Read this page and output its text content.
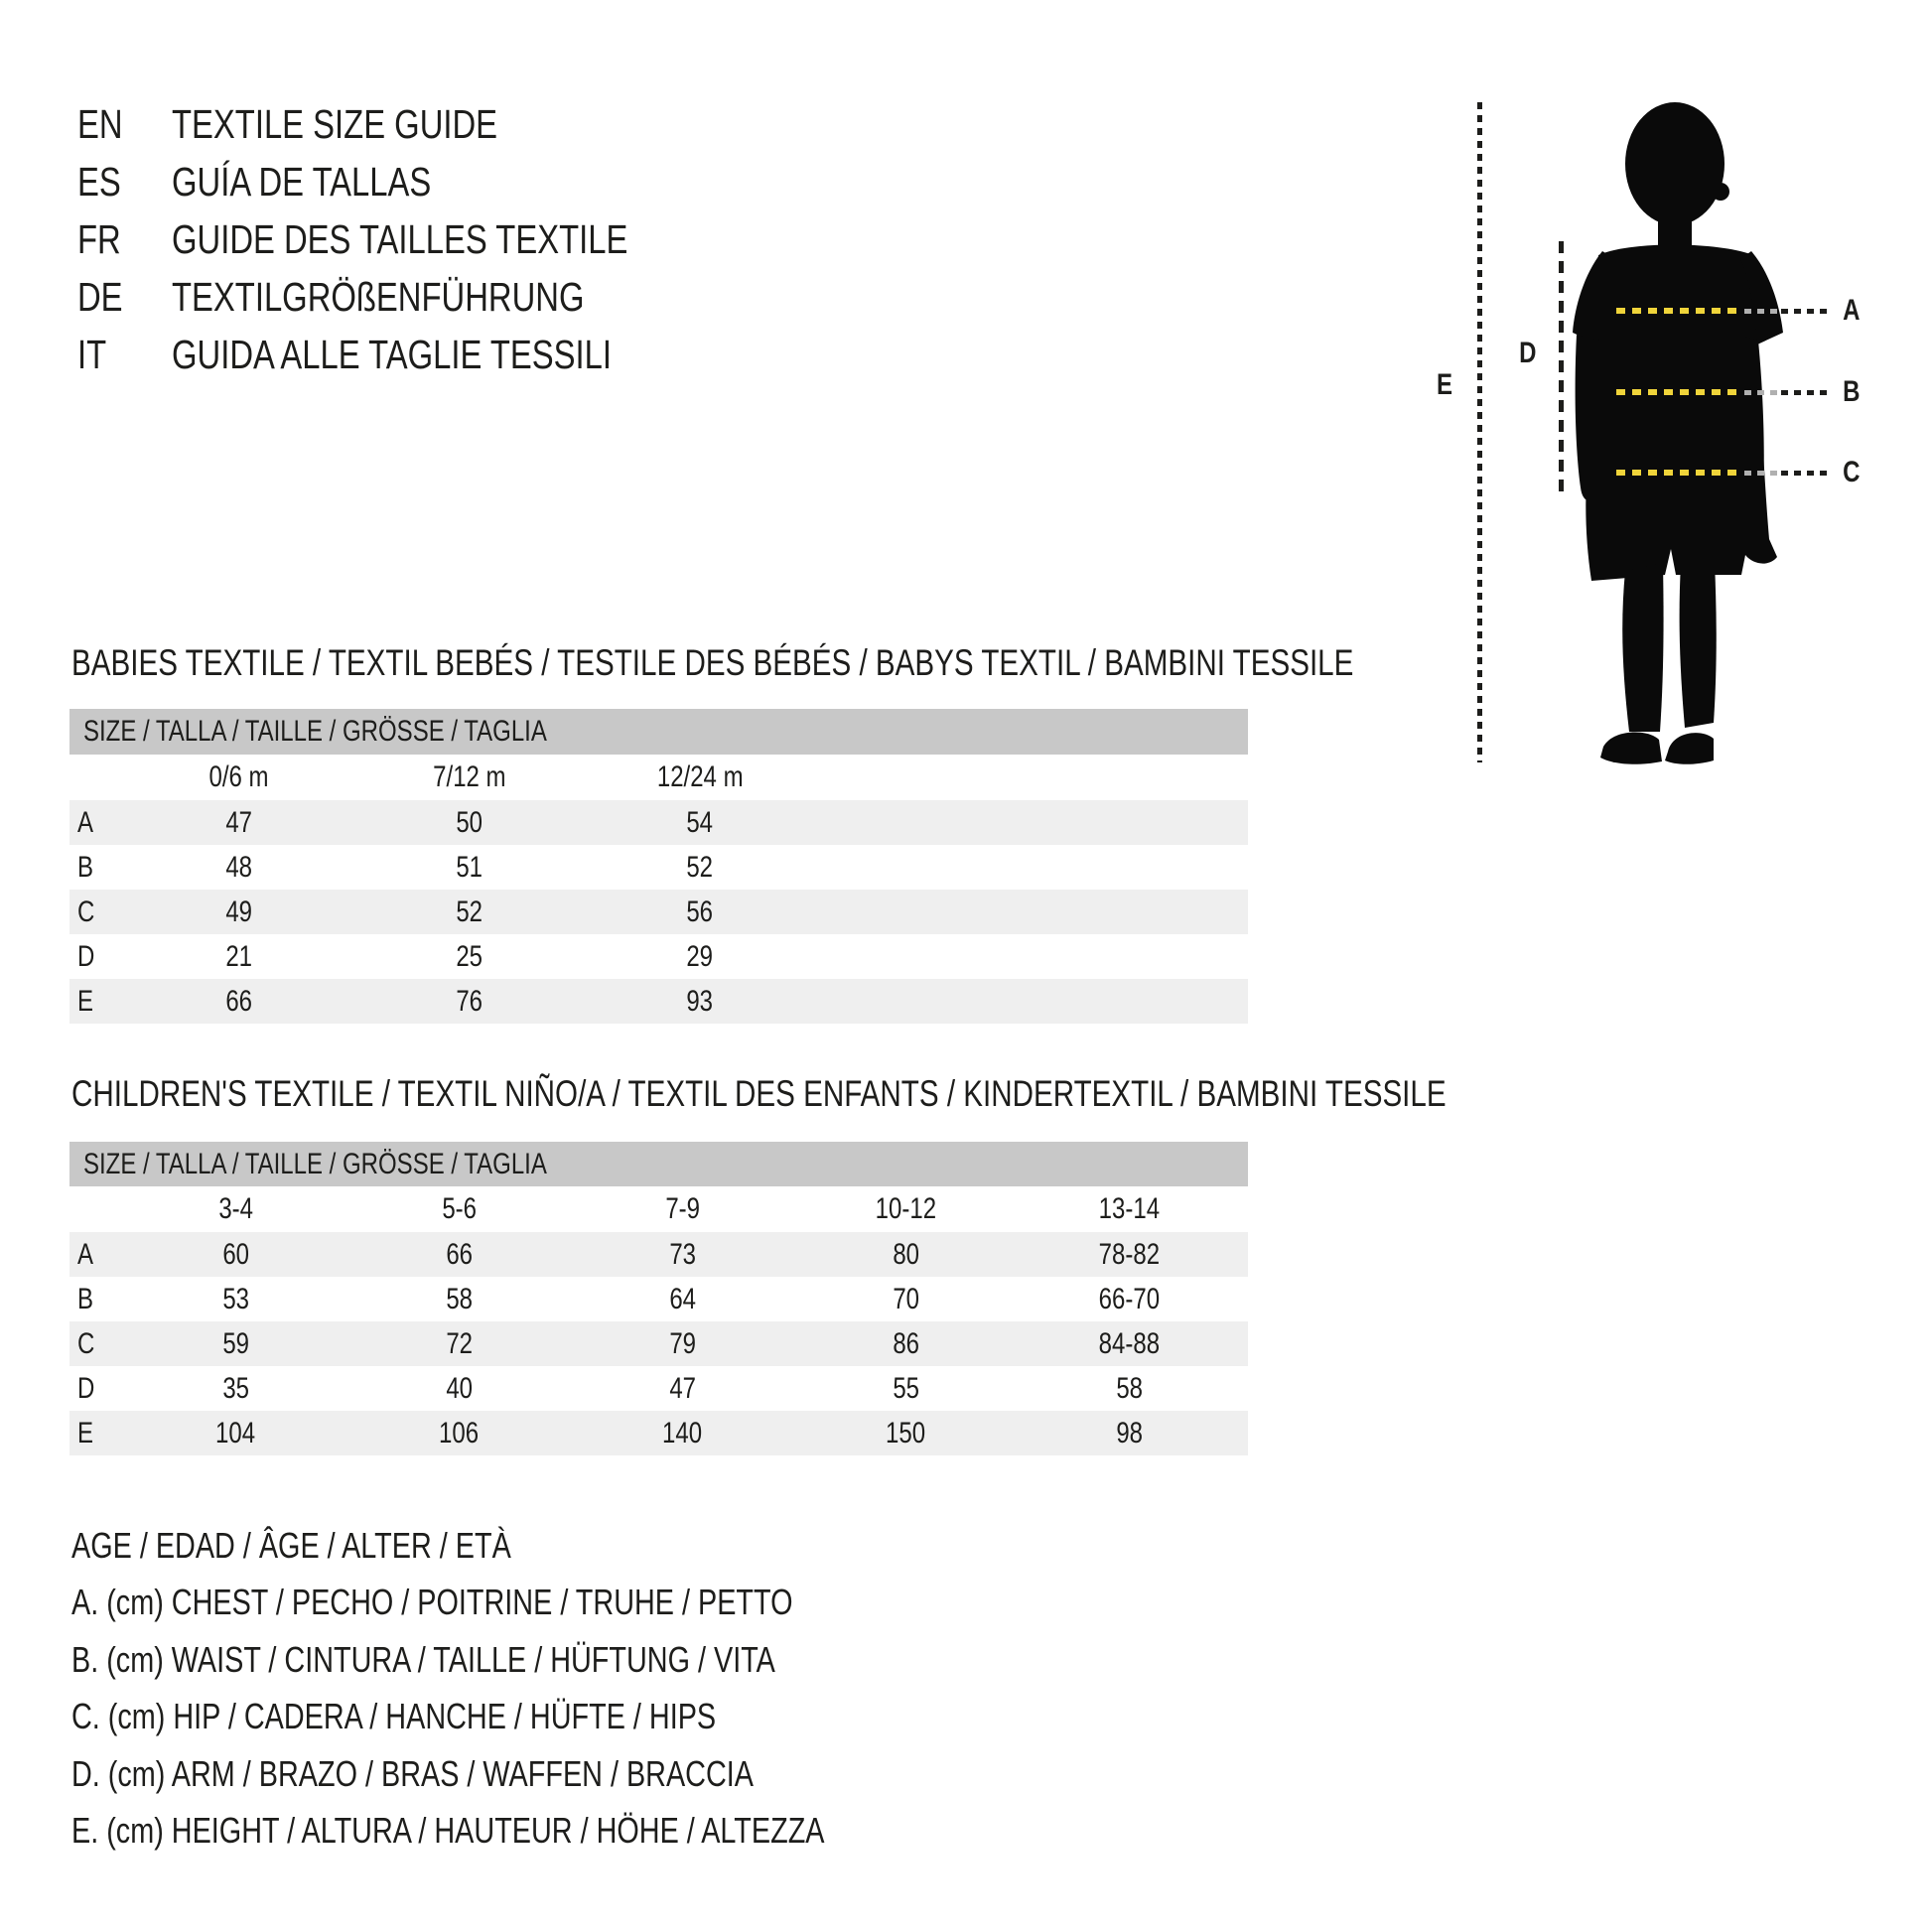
EN TEXTILE SIZE GUIDE
ES GUÍA DE TALLAS
FR GUIDE DES TAILLES TEXTILE
DE TEXTILGRÖßENFÜHRUNG
IT GUIDA ALLE TAGLIE TESSILI
E
D
A
B
C
BABIES TEXTILE / TEXTIL BEBÉS / TESTILE DES BÉBÉS / BABYS TEXTIL / BAMBINI TESSILE
SIZE / TALLA / TAILLE / GRÖSSE / TAGLIA
0/6 m	7/12 m	12/24 m
A	47	50	54
B	48	51	52
C	49	52	56
D	21	25	29
E	66	76	93
CHILDREN'S TEXTILE / TEXTIL NIÑO/A / TEXTIL DES ENFANTS / KINDERTEXTIL / BAMBINI TESSILE
SIZE / TALLA / TAILLE / GRÖSSE / TAGLIA
3-4	5-6	7-9	10-12	13-14
A	60	66	73	80	78-82
B	53	58	64	70	66-70
C	59	72	79	86	84-88
D	35	40	47	55	58
E	104	106	140	150	98
AGE / EDAD / ÂGE / ALTER / ETÀ
A. (cm) CHEST / PECHO / POITRINE / TRUHE / PETTO
B. (cm) WAIST / CINTURA / TAILLE / HÜFTUNG / VITA
C. (cm) HIP / CADERA / HANCHE / HÜFTE / HIPS
D. (cm) ARM / BRAZO / BRAS / WAFFEN / BRACCIA
E. (cm) HEIGHT / ALTURA / HAUTEUR / HÖHE / ALTEZZA
